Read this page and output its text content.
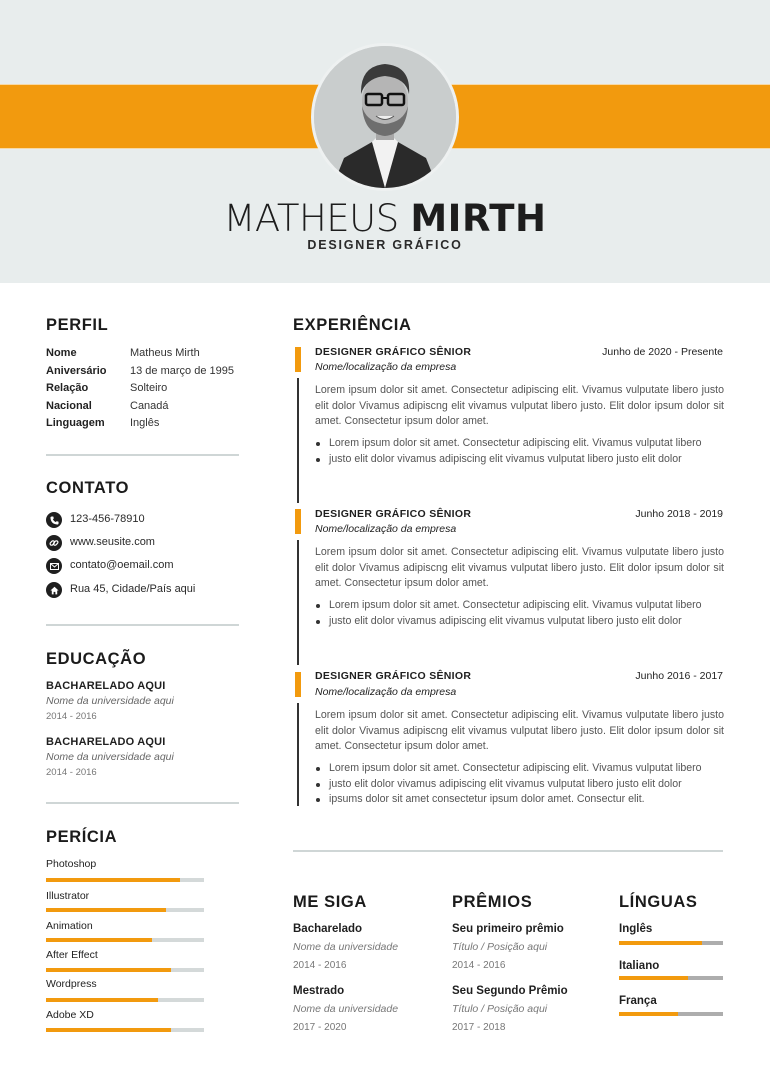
MATHEUS MIRTH
DESIGNER GRÁFICO
PERFIL
Nome	Matheus Mirth
Aniversário 13 de março de 1995
Relação	Solteiro
Nacional	Canadá
Linguagem Inglês
CONTATO
123-456-78910
www.seusite.com
contato@oemail.com
Rua 45, Cidade/País aqui
EDUCAÇÃO
BACHARELADO AQUI
Nome da universidade aqui
2014 - 2016
BACHARELADO AQUI
Nome da universidade aqui
2014 - 2016
PERÍCIA
Photoshop
Illustrator
Animation
After Effect
Wordpress
Adobe XD
EXPERIÊNCIA
DESIGNER GRÁFICO SÊNIOR	Junho de 2020 - Presente
Nome/localização da empresa
Lorem ipsum dolor sit amet. Consectetur adipiscing elit. Vivamus vulputate libero justo elit dolor Vivamus adipiscng elit vivamus vulputat libero justo. Elit dolor ipsum dolor sit amet. Consectetur ipsum dolor amet.
Lorem ipsum dolor sit amet. Consectetur adipiscing elit. Vivamus vulputat libero
justo elit dolor vivamus adipiscing elit vivamus vulputat libero justo elit dolor
DESIGNER GRÁFICO SÊNIOR	Junho 2018 - 2019
Nome/localização da empresa
Lorem ipsum dolor sit amet. Consectetur adipiscing elit. Vivamus vulputate libero justo elit dolor Vivamus adipiscng elit vivamus vulputat libero justo. Elit dolor ipsum dolor sit amet. Consectetur ipsum dolor amet.
Lorem ipsum dolor sit amet. Consectetur adipiscing elit. Vivamus vulputat libero
justo elit dolor vivamus adipiscing elit vivamus vulputat libero justo elit dolor
DESIGNER GRÁFICO SÊNIOR	Junho 2016 - 2017
Nome/localização da empresa
Lorem ipsum dolor sit amet. Consectetur adipiscing elit. Vivamus vulputate libero justo elit dolor Vivamus adipiscng elit vivamus vulputat libero justo. Elit dolor ipsum dolor sit amet. Consectetur ipsum dolor amet.
Lorem ipsum dolor sit amet. Consectetur adipiscing elit. Vivamus vulputat libero
justo elit dolor vivamus adipiscing elit vivamus vulputat libero justo elit dolor
ipsums dolor sit amet consectetur ipsum dolor amet. Consectur elit.
ME SIGA
Bacharelado
Nome da universidade
2014 - 2016
Mestrado
Nome da universidade
2017 - 2020
PRÊMIOS
Seu primeiro prêmio
Título / Posição aqui
2014 - 2016
Seu Segundo Prêmio
Título / Posição aqui
2017 - 2018
LÍNGUAS
Inglês
Italiano
França
